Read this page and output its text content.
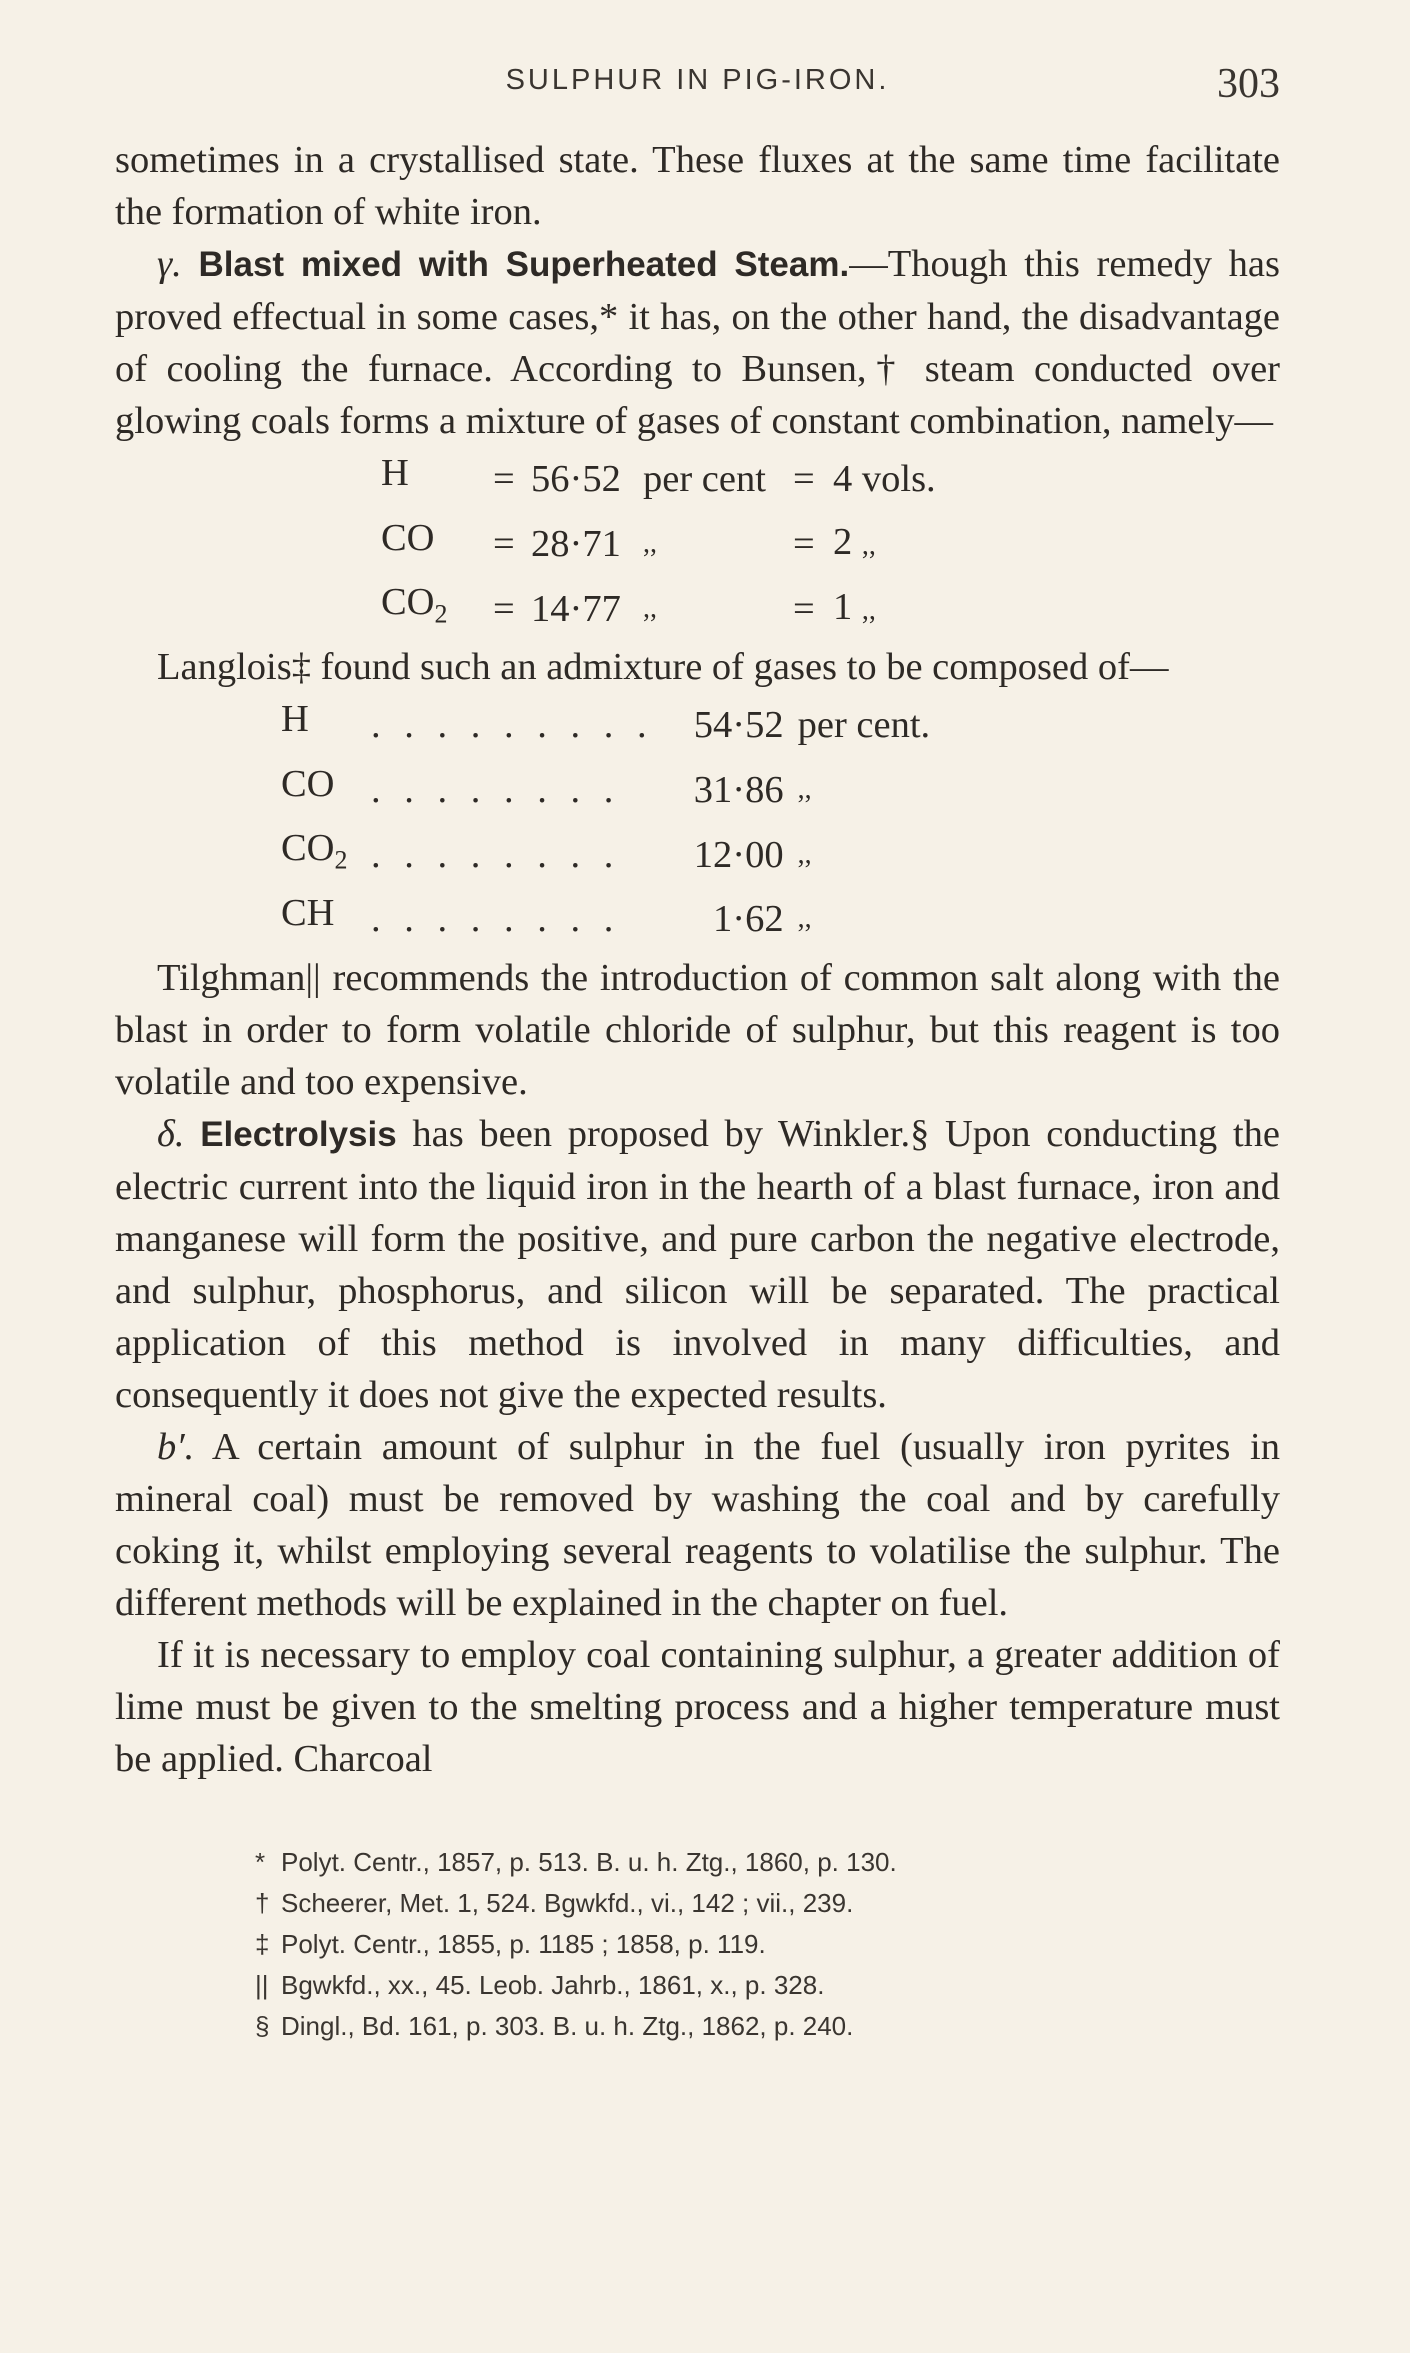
SULPHUR IN PIG-IRON.	303

sometimes in a crystallised state. These fluxes at the same time facilitate the formation of white iron.

γ. Blast mixed with Superheated Steam.—Though this remedy has proved effectual in some cases,* it has, on the other hand, the disadvantage of cooling the furnace. According to Bunsen,† steam conducted over glowing coals forms a mixture of gases of constant combination, namely—

H	=	56·52	per cent	=	4 vols.
CO	=	28·71	,,	=	2 ,,
$CO_2$	=	14·77	,,	=	1 ,,

Langlois‡ found such an admixture of gases to be composed of—

H	. . . . . . . . .	54·52	per cent.
CO	. . . . . . . .	31·86	,,
$CO_2$	. . . . . . . .	12·00	,,
CH	. . . . . . . .	1·62	,,

Tilghman|| recommends the introduction of common salt along with the blast in order to form volatile chloride of sulphur, but this reagent is too volatile and too expensive.

δ. Electrolysis has been proposed by Winkler.§ Upon conducting the electric current into the liquid iron in the hearth of a blast furnace, iron and manganese will form the positive, and pure carbon the negative electrode, and sulphur, phosphorus, and silicon will be separated. The practical application of this method is involved in many difficulties, and consequently it does not give the expected results.

b′. A certain amount of sulphur in the fuel (usually iron pyrites in mineral coal) must be removed by washing the coal and by carefully coking it, whilst employing several reagents to volatilise the sulphur. The different methods will be explained in the chapter on fuel.

If it is necessary to employ coal containing sulphur, a greater addition of lime must be given to the smelting process and a higher temperature must be applied. Charcoal

* Polyt. Centr., 1857, p. 513. B. u. h. Ztg., 1860, p. 130.

† Scheerer, Met. 1, 524. Bgwkfd., vi., 142 ; vii., 239.

‡ Polyt. Centr., 1855, p. 1185 ; 1858, p. 119.

|| Bgwkfd., xx., 45. Leob. Jahrb., 1861, x., p. 328.

§ Dingl., Bd. 161, p. 303. B. u. h. Ztg., 1862, p. 240.
